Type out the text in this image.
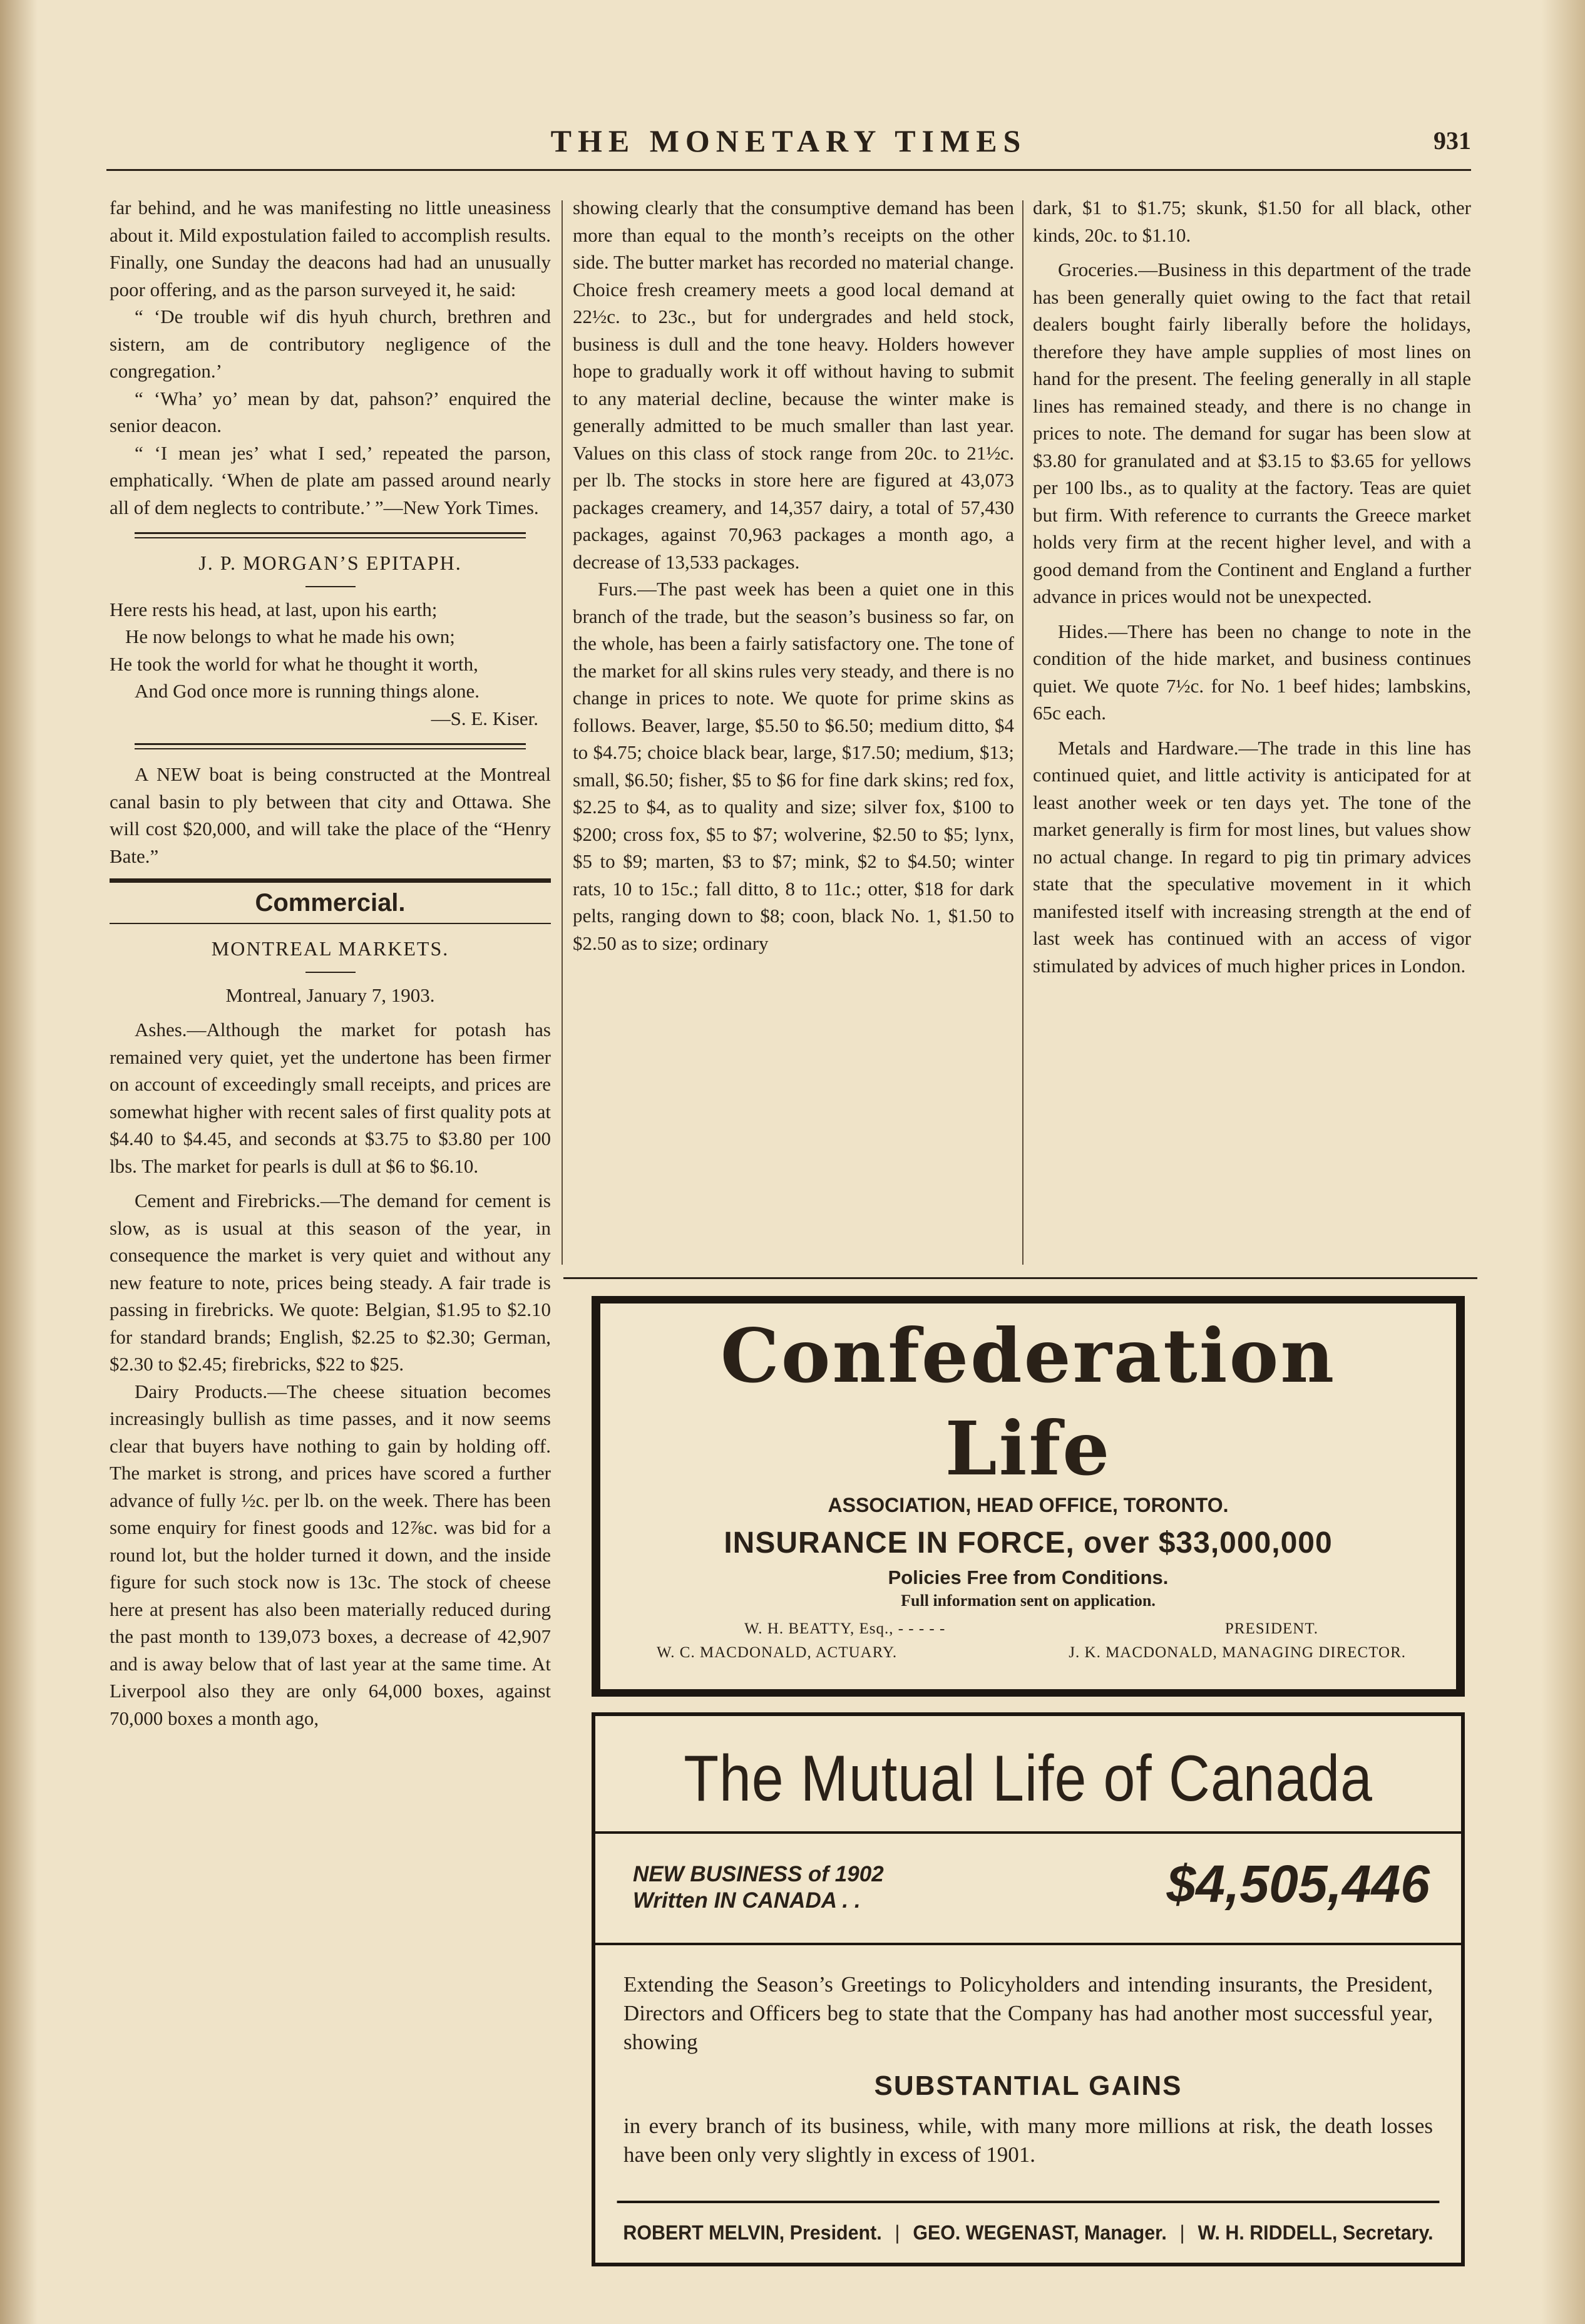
THE MONETARY TIMES	931

far behind, and he was manifesting no little uneasiness about it. Mild expostulation failed to accomplish results. Finally, one Sunday the deacons had had an unusually poor offering, and as the parson surveyed it, he said:

“ ‘De trouble wif dis hyuh church, brethren and sistern, am de contributory negligence of the congregation.’

“ ‘Wha’ yo’ mean by dat, pahson?’ enquired the senior deacon.

“ ‘I mean jes’ what I sed,’ repeated the parson, emphatically. ‘When de plate am passed around nearly all of dem neglects to contribute.’ ”—New York Times.

J. P. MORGAN’S EPITAPH.

Here rests his head, at last, upon his earth;

He now belongs to what he made his own;

He took the world for what he thought it worth,

And God once more is running things alone.

—S. E. Kiser.

A NEW boat is being constructed at the Montreal canal basin to ply between that city and Ottawa. She will cost $20,000, and will take the place of the “Henry Bate.”

Commercial.
MONTREAL MARKETS.

Montreal, January 7, 1903.

Ashes.—Although the market for potash has remained very quiet, yet the undertone has been firmer on account of exceedingly small receipts, and prices are somewhat higher with recent sales of first quality pots at $4.40 to $4.45, and seconds at $3.75 to $3.80 per 100 lbs. The market for pearls is dull at $6 to $6.10.

Cement and Firebricks.—The demand for cement is slow, as is usual at this season of the year, in consequence the market is very quiet and without any new feature to note, prices being steady. A fair trade is passing in firebricks. We quote: Belgian, $1.95 to $2.10 for standard brands; English, $2.25 to $2.30; German, $2.30 to $2.45; firebricks, $22 to $25.

Dairy Products.—The cheese situation becomes increasingly bullish as time passes, and it now seems clear that buyers have nothing to gain by holding off. The market is strong, and prices have scored a further advance of fully ½c. per lb. on the week. There has been some enquiry for finest goods and 12⅞c. was bid for a round lot, but the holder turned it down, and the inside figure for such stock now is 13c. The stock of cheese here at present has also been materially reduced during the past month to 139,073 boxes, a decrease of 42,907 and is away below that of last year at the same time. At Liverpool also they are only 64,000 boxes, against 70,000 boxes a month ago,

showing clearly that the consumptive demand has been more than equal to the month’s receipts on the other side. The butter market has recorded no material change. Choice fresh creamery meets a good local demand at 22½c. to 23c., but for undergrades and held stock, business is dull and the tone heavy. Holders however hope to gradually work it off without having to submit to any material decline, because the winter make is generally admitted to be much smaller than last year. Values on this class of stock range from 20c. to 21½c. per lb. The stocks in store here are figured at 43,073 packages creamery, and 14,357 dairy, a total of 57,430 packages, against 70,963 packages a month ago, a decrease of 13,533 packages.

Furs.—The past week has been a quiet one in this branch of the trade, but the season’s business so far, on the whole, has been a fairly satisfactory one. The tone of the market for all skins rules very steady, and there is no change in prices to note. We quote for prime skins as follows. Beaver, large, $5.50 to $6.50; medium ditto, $4 to $4.75; choice black bear, large, $17.50; medium, $13; small, $6.50; fisher, $5 to $6 for fine dark skins; red fox, $2.25 to $4, as to quality and size; silver fox, $100 to $200; cross fox, $5 to $7; wolverine, $2.50 to $5; lynx, $5 to $9; marten, $3 to $7; mink, $2 to $4.50; winter rats, 10 to 15c.; fall ditto, 8 to 11c.; otter, $18 for dark pelts, ranging down to $8; coon, black No. 1, $1.50 to $2.50 as to size; ordinary

dark, $1 to $1.75; skunk, $1.50 for all black, other kinds, 20c. to $1.10.

Groceries.—Business in this department of the trade has been generally quiet owing to the fact that retail dealers bought fairly liberally before the holidays, therefore they have ample supplies of most lines on hand for the present. The feeling generally in all staple lines has remained steady, and there is no change in prices to note. The demand for sugar has been slow at $3.80 for granulated and at $3.15 to $3.65 for yellows per 100 lbs., as to quality at the factory. Teas are quiet but firm. With reference to currants the Greece market holds very firm at the recent higher level, and with a good demand from the Continent and England a further advance in prices would not be unexpected.

Hides.—There has been no change to note in the condition of the hide market, and business continues quiet. We quote 7½c. for No. 1 beef hides; lambskins, 65c each.

Metals and Hardware.—The trade in this line has continued quiet, and little activity is anticipated for at least another week or ten days yet. The tone of the market generally is firm for most lines, but values show no actual change. In regard to pig tin primary advices state that the speculative movement in it which manifested itself with increasing strength at the end of last week has continued with an access of vigor stimulated by advices of much higher prices in London.

Confederation
Life
ASSOCIATION, HEAD OFFICE, TORONTO.
INSURANCE IN FORCE, over $33,000,000
Policies Free from Conditions.
Full information sent on application.
W. H. BEATTY, Esq., - - - - -	PRESIDENT.
W. C. MACDONALD, ACTUARY.	J. K. MACDONALD, MANAGING DIRECTOR.
The Mutual Life of Canada
NEW BUSINESS of 1902
Written IN CANADA . .	$4,505,446
Extending the Season’s Greetings to Policyholders and intending insurants, the President, Directors and Officers beg to state that the Company has had another most successful year, showing
SUBSTANTIAL GAINS
in every branch of its business, while, with many more millions at risk, the death losses have been only very slightly in excess of 1901.
ROBERT MELVIN, President. | GEO. WEGENAST, Manager. | W. H. RIDDELL, Secretary.
